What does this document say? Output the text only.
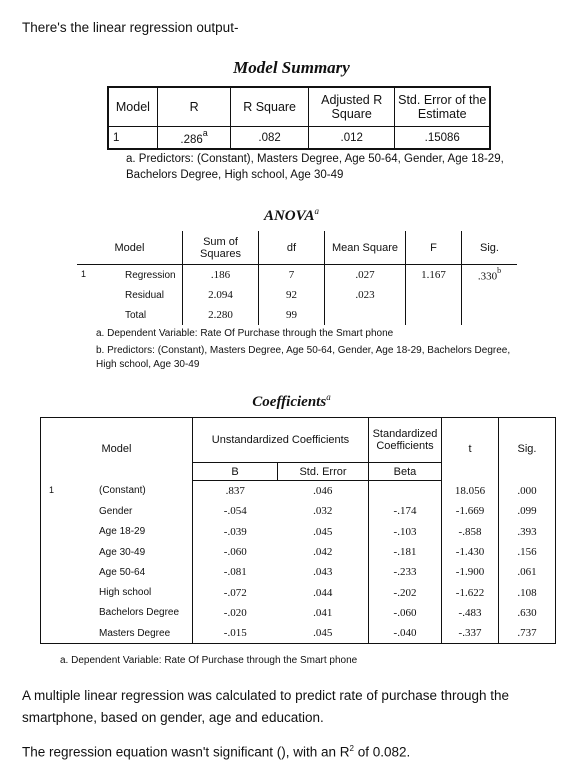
There's the linear regression output-
Model Summary
Model	R	R Square	Adjusted R Square	Std. Error of the Estimate
1	.286$^a$	.082	.012	.15086
a. Predictors: (Constant), Masters Degree, Age 50-64, Gender, Age 18-29, Bachelors Degree, High school, Age 30-49
ANOVA$^a$
Model		Sum of Squares	df	Mean Square	F	Sig.
1	Regression	.186	7	.027	1.167	.330$^b$
	Residual	2.094	92	.023		
	Total	2.280	99			
a. Dependent Variable: Rate Of Purchase through the Smart phone
b. Predictors: (Constant), Masters Degree, Age 50-64, Gender, Age 18-29, Bachelors Degree, High school, Age 30-49
Coefficients$^a$
Model		Unstandardized Coefficients		Standardized Coefficients	t	Sig.
		B	Std. Error	Beta		
1	(Constant)	.837	.046		18.056	.000
	Gender	-.054	.032	-.174	-1.669	.099
	Age 18-29	-.039	.045	-.103	-.858	.393
	Age 30-49	-.060	.042	-.181	-1.430	.156
	Age 50-64	-.081	.043	-.233	-1.900	.061
	High school	-.072	.044	-.202	-1.622	.108
	Bachelors Degree	-.020	.041	-.060	-.483	.630
	Masters Degree	-.015	.045	-.040	-.337	.737
a. Dependent Variable: Rate Of Purchase through the Smart phone
A multiple linear regression was calculated to predict rate of purchase through the smartphone, based on gender, age and education.
The regression equation wasn't significant (), with an $R^2$ of 0.082.
